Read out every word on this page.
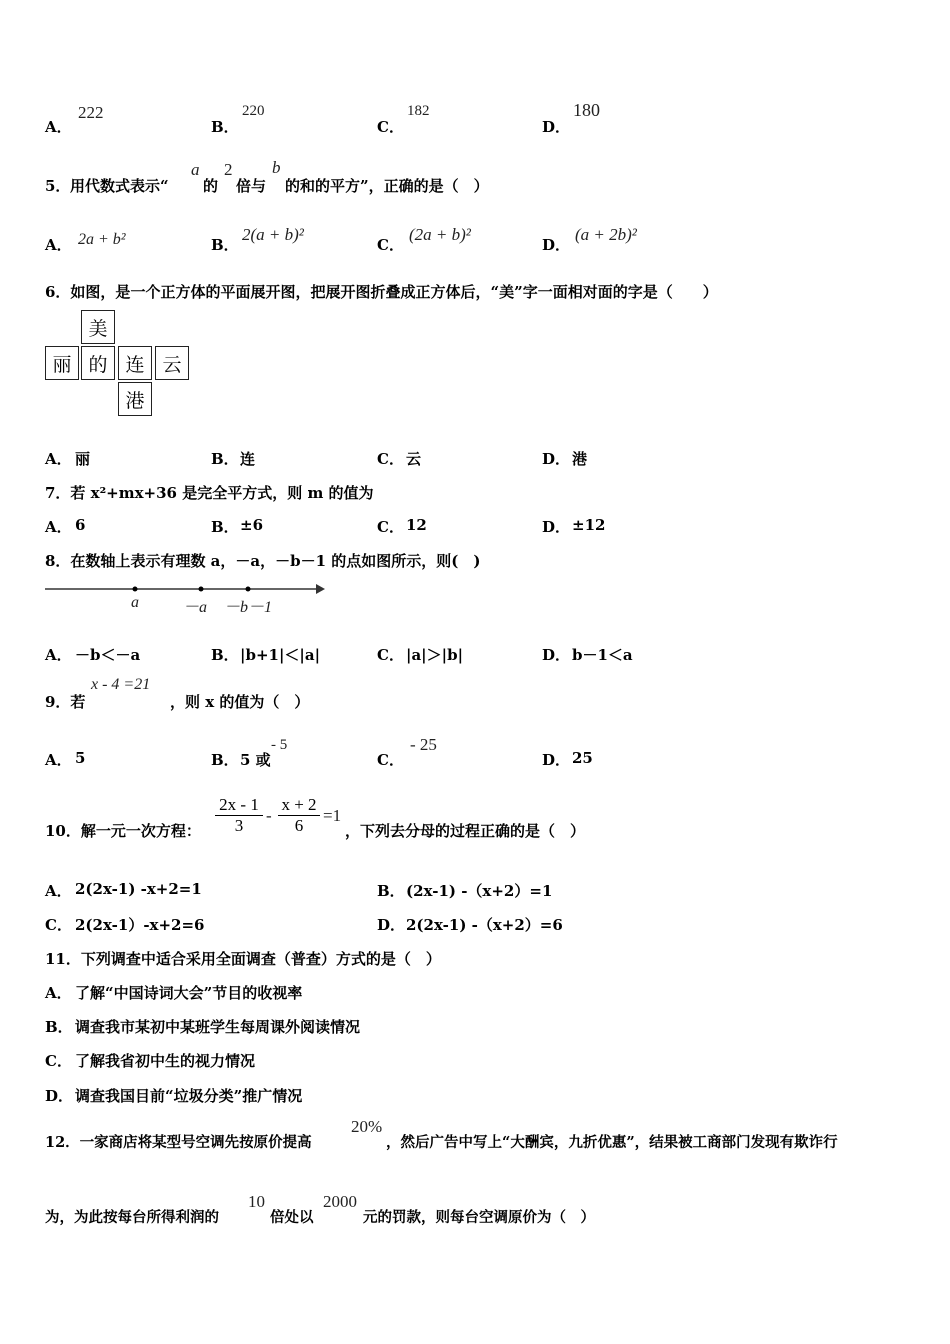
A．
222
B．
220
C．
182
D．
180
5． 用代数式表示“
a
的
2
倍与
b
的和的平方”，正确的是（　）
A． 2a + b²	B．
2(a + b)²
C．
(2a + b)²
D．
(a + 2b)²
6．如图，是一个正方体的平面展开图，把展开图折叠成正方体后，“美”字一面相对面的字是（　　）
美
丽 的 连 云
港
A． 丽	B． 连	C． 云	D． 港
7．若 x²+mx+36 是完全平方式，则 m 的值为
A． 6	B． ±6	C． 12	D． ±12
8．在数轴上表示有理数 a，－a，－b－1 的点如图所示，则(　)
a	－a －b－1
A． －b＜－a	B． |b+1|＜|a|	C． |a|＞|b|	D． b－1＜a
9．若
x - 4 =21
，则 x 的值为（　）
A． 5	B． 5 或
- 5
C．
- 25
D． 25
10．解一元一次方程： $\frac{2x - 1}{3} - \frac{x + 2}{6} =1$
，下列去分母的过程正确的是（　）
A． 2(2x-1) -x+2=1	B． (2x-1) -（x+2）=1
C． 2(2x-1）-x+2=6	D． 2(2x-1) -（x+2）=6
11．下列调查中适合采用全面调查（普查）方式的是（　）
A． 了解“中国诗词大会”节目的收视率
B． 调查我市某初中某班学生每周课外阅读情况
C． 了解我省初中生的视力情况
D． 调查我国目前“垃圾分类”推广情况
12．一家商店将某型号空调先按原价提高
20%
，然后广告中写上“大酬宾，九折优惠”，结果被工商部门发现有欺诈行
为，为此按每台所得利润的
10
倍处以
2000
元的罚款，则每台空调原价为（　）
